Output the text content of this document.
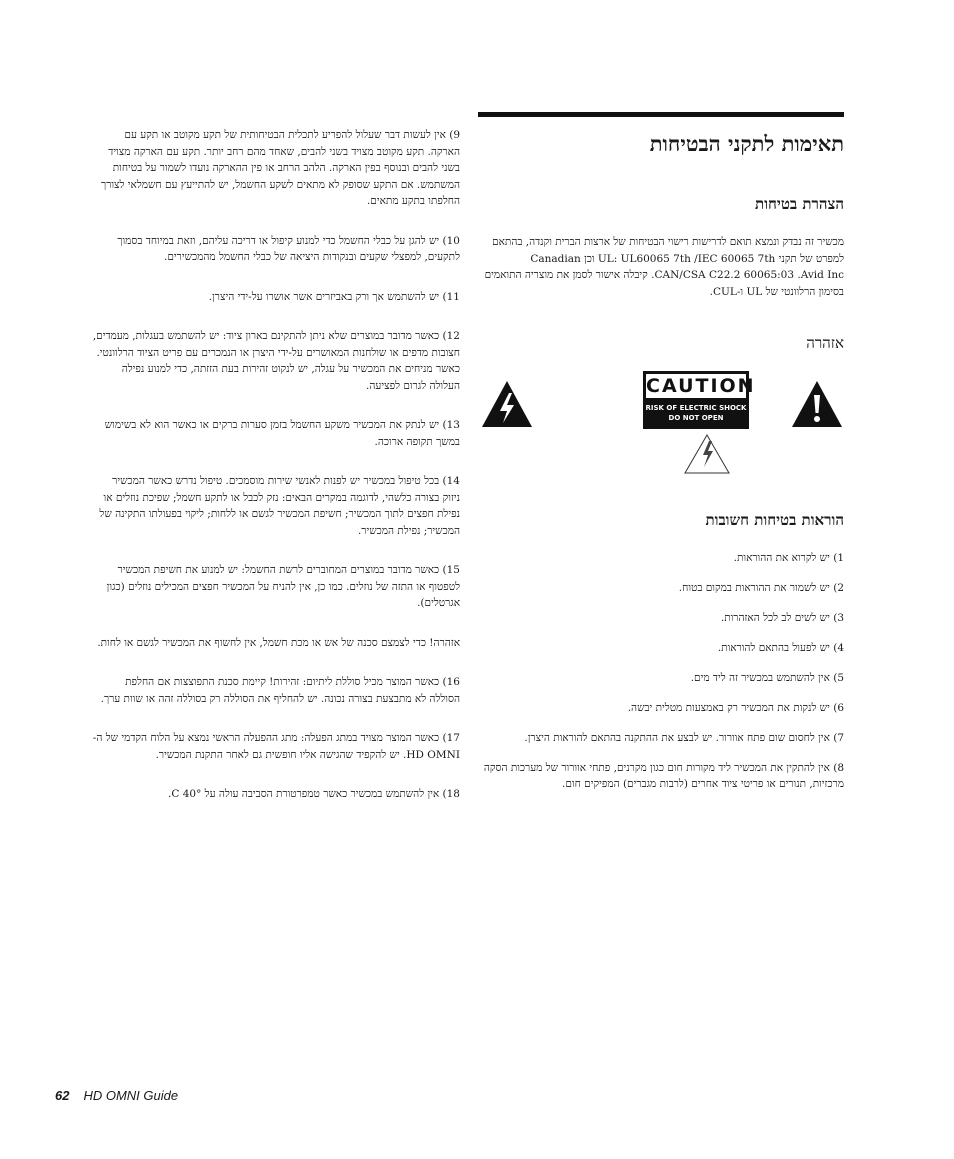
9) אין לעשות דבר שעלול להפריע לתכלית הבטיחותית של תקע מקוטב או תקע עם הארקה. תקע מקוטב מצויד בשני להבים, שאחד מהם רחב יותר. תקע עם הארקה מצויד בשני להבים ובנוסף בפין הארקה. הלהב הרחב או פין ההארקה נועדו לשמור על בטיחות המשתמש. אם התקע שסופק לא מתאים לשקע החשמל, יש להתייעץ עם חשמלאי לצורך החלפתו בתקע מתאים.

10) יש להגן על כבלי החשמל כדי למנוע קיפול או דריכה עליהם, וזאת במיוחד בסמוך לתקעים, למפצלי שקעים ובנקודות היציאה של כבלי החשמל מהמכשירים.

11) יש להשתמש אך ורק באביזרים אשר אושרו על-ידי היצרן.

12) כאשר מדובר במוצרים שלא ניתן להתקינם בארון ציוד: יש להשתמש בעגלות, מעמדים, חצובות מדפים או שולחנות המאושרים על-ידי היצרן או הנמכרים עם פריט הציוד הרלוונטי. כאשר מניחים את המכשיר על עגלה, יש לנקוט זהירות בעת הזזתה, כדי למנוע נפילה העלולה לגרום לפציעה.

13) יש לנתק את המכשיר משקע החשמל בזמן סערות ברקים או כאשר הוא לא בשימוש במשך תקופה ארוכה.

14) בכל טיפול במכשיר יש לפנות לאנשי שירות מוסמכים. טיפול נדרש כאשר המכשיר ניזוק בצורה כלשהי, לדוגמה במקרים הבאים: נזק לכבל או לתקע חשמל; שפיכת נוזלים או נפילת חפצים לתוך המכשיר; חשיפת המכשיר לגשם או ללחות; ליקוי בפעולתו התקינה של המכשיר; נפילת המכשיר.

15) כאשר מדובר במוצרים המחוברים לרשת החשמל: יש למנוע את חשיפת המכשיר לטפטוף או התזה של נוזלים. כמו כן, אין להניח על המכשיר חפצים המכילים נוזלים (כגון אגרטלים).

אזהרה! כדי לצמצם סכנה של אש או מכת חשמל, אין לחשוף את המכשיר לגשם או לחות.

16) כאשר המוצר מכיל סוללת ליתיום: זהירות! קיימת סכנת התפוצצות אם החלפת הסוללה לא מתבצעת בצורה נכונה. יש להחליף את הסוללה רק בסוללה זהה או שוות ערך.

17) כאשר המוצר מצויד במתג הפעלה: מתג ההפעלה הראשי נמצא על הלוח הקדמי של ה-HD OMNI. יש להקפיד שהגישה אליו חופשית גם לאחר התקנת המכשיר.

18) אין להשתמש במכשיר כאשר טמפרטורת הסביבה עולה על 40° C.

תאימות לתקני הבטיחות
הצהרת בטיחות

מכשיר זה נבדק ונמצא תואם לדרישות רישוי הבטיחות של ארצות הברית וקנדה, בהתאם למפרט של תקני UL: UL60065 7th /IEC 60065 7th וכן Canadian CAN/CSA C22.2 60065:03 .Avid Inc. קיבלה אישור לסמן את מוצריה התואמים בסימון הרלוונטי של UL ו-CUL.

אזהרה
CAUTION
RISK OF ELECTRIC SHOCK
DO NOT OPEN
הוראות בטיחות חשובות

1) יש לקרוא את ההוראות.

2) יש לשמור את ההוראות במקום בטוח.

3) יש לשים לב לכל האזהרות.

4) יש לפעול בהתאם להוראות.

5) אין להשתמש במכשיר זה ליד מים.

6) יש לנקות את המכשיר רק באמצעות מטלית יבשה.

7) אין לחסום שום פתח אוורור. יש לבצע את ההתקנה בהתאם להוראות היצרן.

8) אין להתקין את המכשיר ליד מקורות חום כגון מקרנים, פתחי אוורור של מערכות הסקה מרכזיות, תנורים או פריטי ציוד אחרים (לרבות מגברים) המפיקים חום.

62 HD OMNI Guide
